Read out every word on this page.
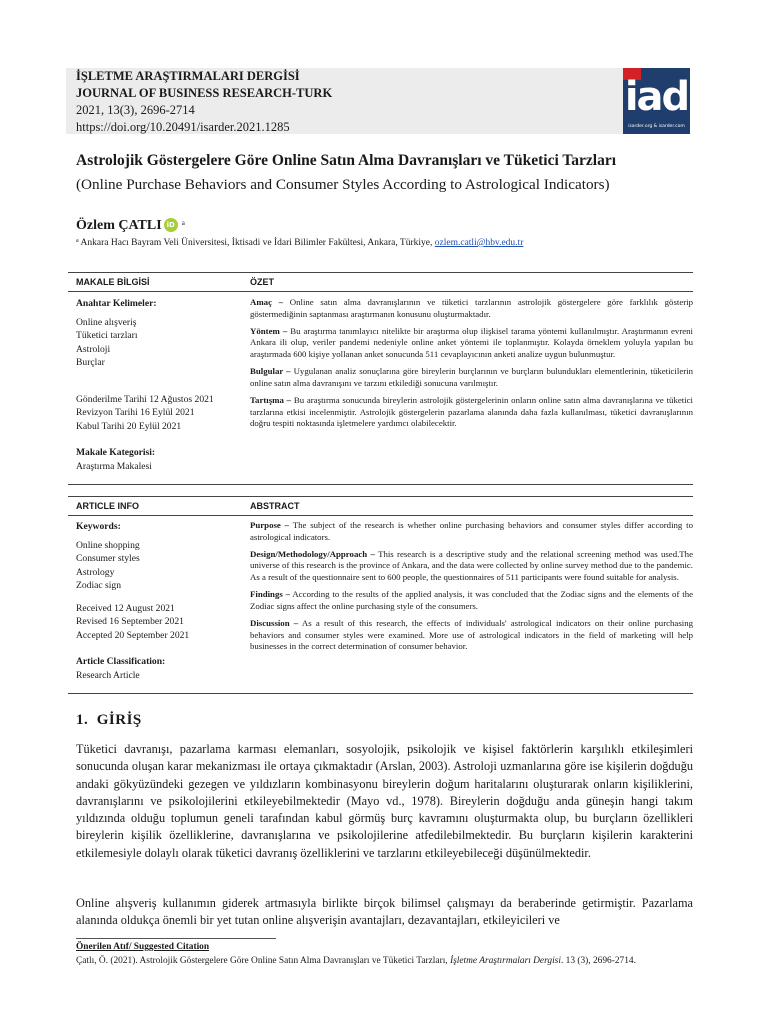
İŞLETME ARAŞTIRMALARI DERGİSİ
JOURNAL OF BUSINESS RESEARCH-TURK
2021, 13(3), 2696-2714
https://doi.org/10.20491/isarder.2021.1285
iad
isarder.org & isarder.com
Astrolojik Göstergelere Göre Online Satın Alma Davranışları ve Tüketici Tarzları
(Online Purchase Behaviors and Consumer Styles According to Astrological Indicators)
Özlem ÇATLI iD $^a$
$^a$ Ankara Hacı Bayram Veli Üniversitesi, İktisadi ve İdari Bilimler Fakültesi, Ankara, Türkiye, ozlem.catli@hbv.edu.tr
MAKALE BİLGİSİ	ÖZET
Anahtar Kelimeler:
Online alışveriş
Tüketici tarzları
Astroloji
Burçlar
Gönderilme Tarihi 12 Ağustos 2021
Revizyon Tarihi 16 Eylül 2021
Kabul Tarihi 20 Eylül 2021
Makale Kategorisi:
Araştırma Makalesi

Amaç – Online satın alma davranışlarının ve tüketici tarzlarının astrolojik göstergelere göre farklılık gösterip göstermediğinin saptanması araştırmanın konusunu oluşturmaktadır.

Yöntem – Bu araştırma tanımlayıcı nitelikte bir araştırma olup ilişkisel tarama yöntemi kullanılmıştır. Araştırmanın evreni Ankara ili olup, veriler pandemi nedeniyle online anket yöntemi ile toplanmıştır. Kolayda örneklem yoluyla yapılan bu araştırmada 600 kişiye yollanan anket sonucunda 511 cevaplayıcının anketi analize uygun bulunmuştur.

Bulgular – Uygulanan analiz sonuçlarına göre bireylerin burçlarının ve burçların bulundukları elementlerinin, tüketicilerin online satın alma davranışını ve tarzını etkilediği sonucuna varılmıştır.

Tartışma – Bu araştırma sonucunda bireylerin astrolojik göstergelerinin onların online satın alma davranışlarına ve tüketici tarzlarına etkisi incelenmiştir. Astrolojik göstergelerin pazarlama alanında daha fazla kullanılması, tüketici davranışlarının doğru tespiti noktasında işletmelere yardımcı olabilecektir.

ARTICLE INFO	ABSTRACT
Keywords:
Online shopping
Consumer styles
Astrology
Zodiac sign
Received 12 August 2021
Revised 16 September 2021
Accepted 20 September 2021
Article Classification:
Research Article

Purpose – The subject of the research is whether online purchasing behaviors and consumer styles differ according to astrological indicators.

Design/Methodology/Approach – This research is a descriptive study and the relational screening method was used.The universe of this research is the province of Ankara, and the data were collected by online survey method due to the pandemic. As a result of the questionnaire sent to 600 people, the questionnaires of 511 participants were found suitable for analysis.

Findings – According to the results of the applied analysis, it was concluded that the Zodiac signs and the elements of the Zodiac signs affect the online purchasing style of the consumers.

Discussion – As a result of this research, the effects of individuals' astrological indicators on their online purchasing behaviors and consumer styles were examined. More use of astrological indicators in the field of marketing will help businesses in the correct determination of consumer behavior.

1. GİRİŞ

Tüketici davranışı, pazarlama karması elemanları, sosyolojik, psikolojik ve kişisel faktörlerin karşılıklı etkileşimleri sonucunda oluşan karar mekanizması ile ortaya çıkmaktadır (Arslan, 2003). Astroloji uzmanlarına göre ise kişilerin doğduğu andaki gökyüzündeki gezegen ve yıldızların kombinasyonu bireylerin doğum haritalarını oluşturarak onların kişiliklerini, davranışlarını ve psikolojilerini etkileyebilmektedir (Mayo vd., 1978). Bireylerin doğduğu anda güneşin hangi takım yıldızında olduğu toplumun geneli tarafından kabul görmüş burç kavramını oluşturmakta olup, bu burçların özellikleri bireylerin kişilik özelliklerine, davranışlarına ve psikolojilerine atfedilebilmektedir. Bu burçların kişilerin karakterini etkilemesiyle dolaylı olarak tüketici davranış özelliklerini ve tarzlarını etkileyebileceği düşünülmektedir.

Online alışveriş kullanımın giderek artmasıyla birlikte birçok bilimsel çalışmayı da beraberinde getirmiştir. Pazarlama alanında oldukça önemli bir yet tutan online alışverişin avantajları, dezavantajları, etkileyicileri ve

Önerilen Atıf/ Suggested Citation
Çatlı, Ö. (2021). Astrolojik Göstergelere Göre Online Satın Alma Davranışları ve Tüketici Tarzları, İşletme Araştırmaları Dergisi. 13 (3), 2696-2714.
